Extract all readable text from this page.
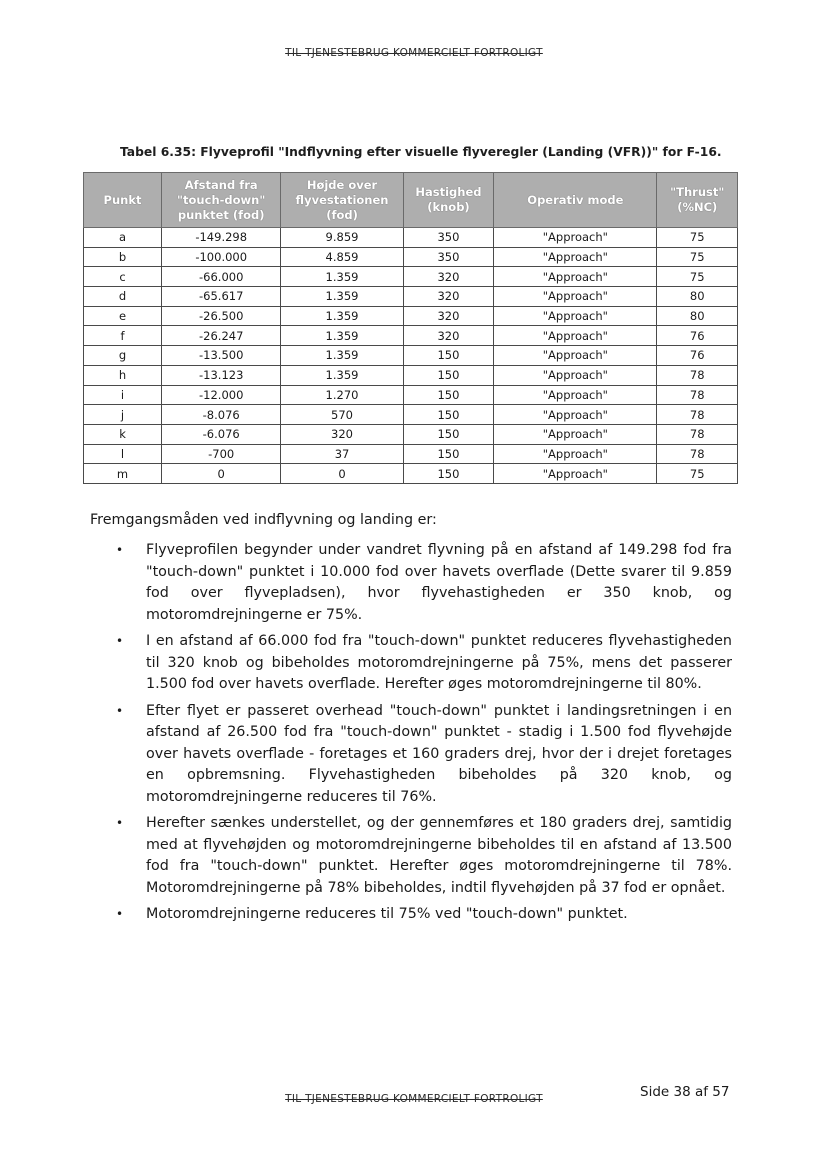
TIL TJENESTEBRUG KOMMERCIELT FORTROLIGT
Tabel 6.35: Flyveprofil "Indflyvning efter visuelle flyveregler (Landing (VFR))" for F-16.
Punkt	Afstand fra "touch-down" punktet (fod)	Højde over flyvestationen (fod)	Hastighed (knob)	Operativ mode	"Thrust" (%NC)
a	-149.298	9.859	350	"Approach"	75
b	-100.000	4.859	350	"Approach"	75
c	-66.000	1.359	320	"Approach"	75
d	-65.617	1.359	320	"Approach"	80
e	-26.500	1.359	320	"Approach"	80
f	-26.247	1.359	320	"Approach"	76
g	-13.500	1.359	150	"Approach"	76
h	-13.123	1.359	150	"Approach"	78
i	-12.000	1.270	150	"Approach"	78
j	-8.076	570	150	"Approach"	78
k	-6.076	320	150	"Approach"	78
l	-700	37	150	"Approach"	78
m	0	0	150	"Approach"	75
Fremgangsmåden ved indflyvning og landing er:
• Flyveprofilen begynder under vandret flyvning på en afstand af 149.298 fod fra "touch-down" punktet i 10.000 fod over havets overflade (Dette svarer til 9.859 fod over flyvepladsen), hvor flyvehastigheden er 350 knob, og motoromdrejningerne er 75%.
• I en afstand af 66.000 fod fra "touch-down" punktet reduceres flyvehastigheden til 320 knob og bibeholdes motoromdrejningerne på 75%, mens det passerer 1.500 fod over havets overflade. Herefter øges motoromdrejningerne til 80%.
• Efter flyet er passeret overhead "touch-down" punktet i landingsretningen i en afstand af 26.500 fod fra "touch-down" punktet - stadig i 1.500 fod flyvehøjde over havets overflade - foretages et 160 graders drej, hvor der i drejet foretages en opbremsning. Flyvehastigheden bibeholdes på 320 knob, og motoromdrejningerne reduceres til 76%.
• Herefter sænkes understellet, og der gennemføres et 180 graders drej, samtidig med at flyvehøjden og motoromdrejningerne bibeholdes til en afstand af 13.500 fod fra "touch-down" punktet. Herefter øges motoromdrejningerne til 78%. Motoromdrejningerne på 78% bibeholdes, indtil flyvehøjden på 37 fod er opnået.
• Motoromdrejningerne reduceres til 75% ved "touch-down" punktet.
Side 38 af 57
TIL TJENESTEBRUG KOMMERCIELT FORTROLIGT
